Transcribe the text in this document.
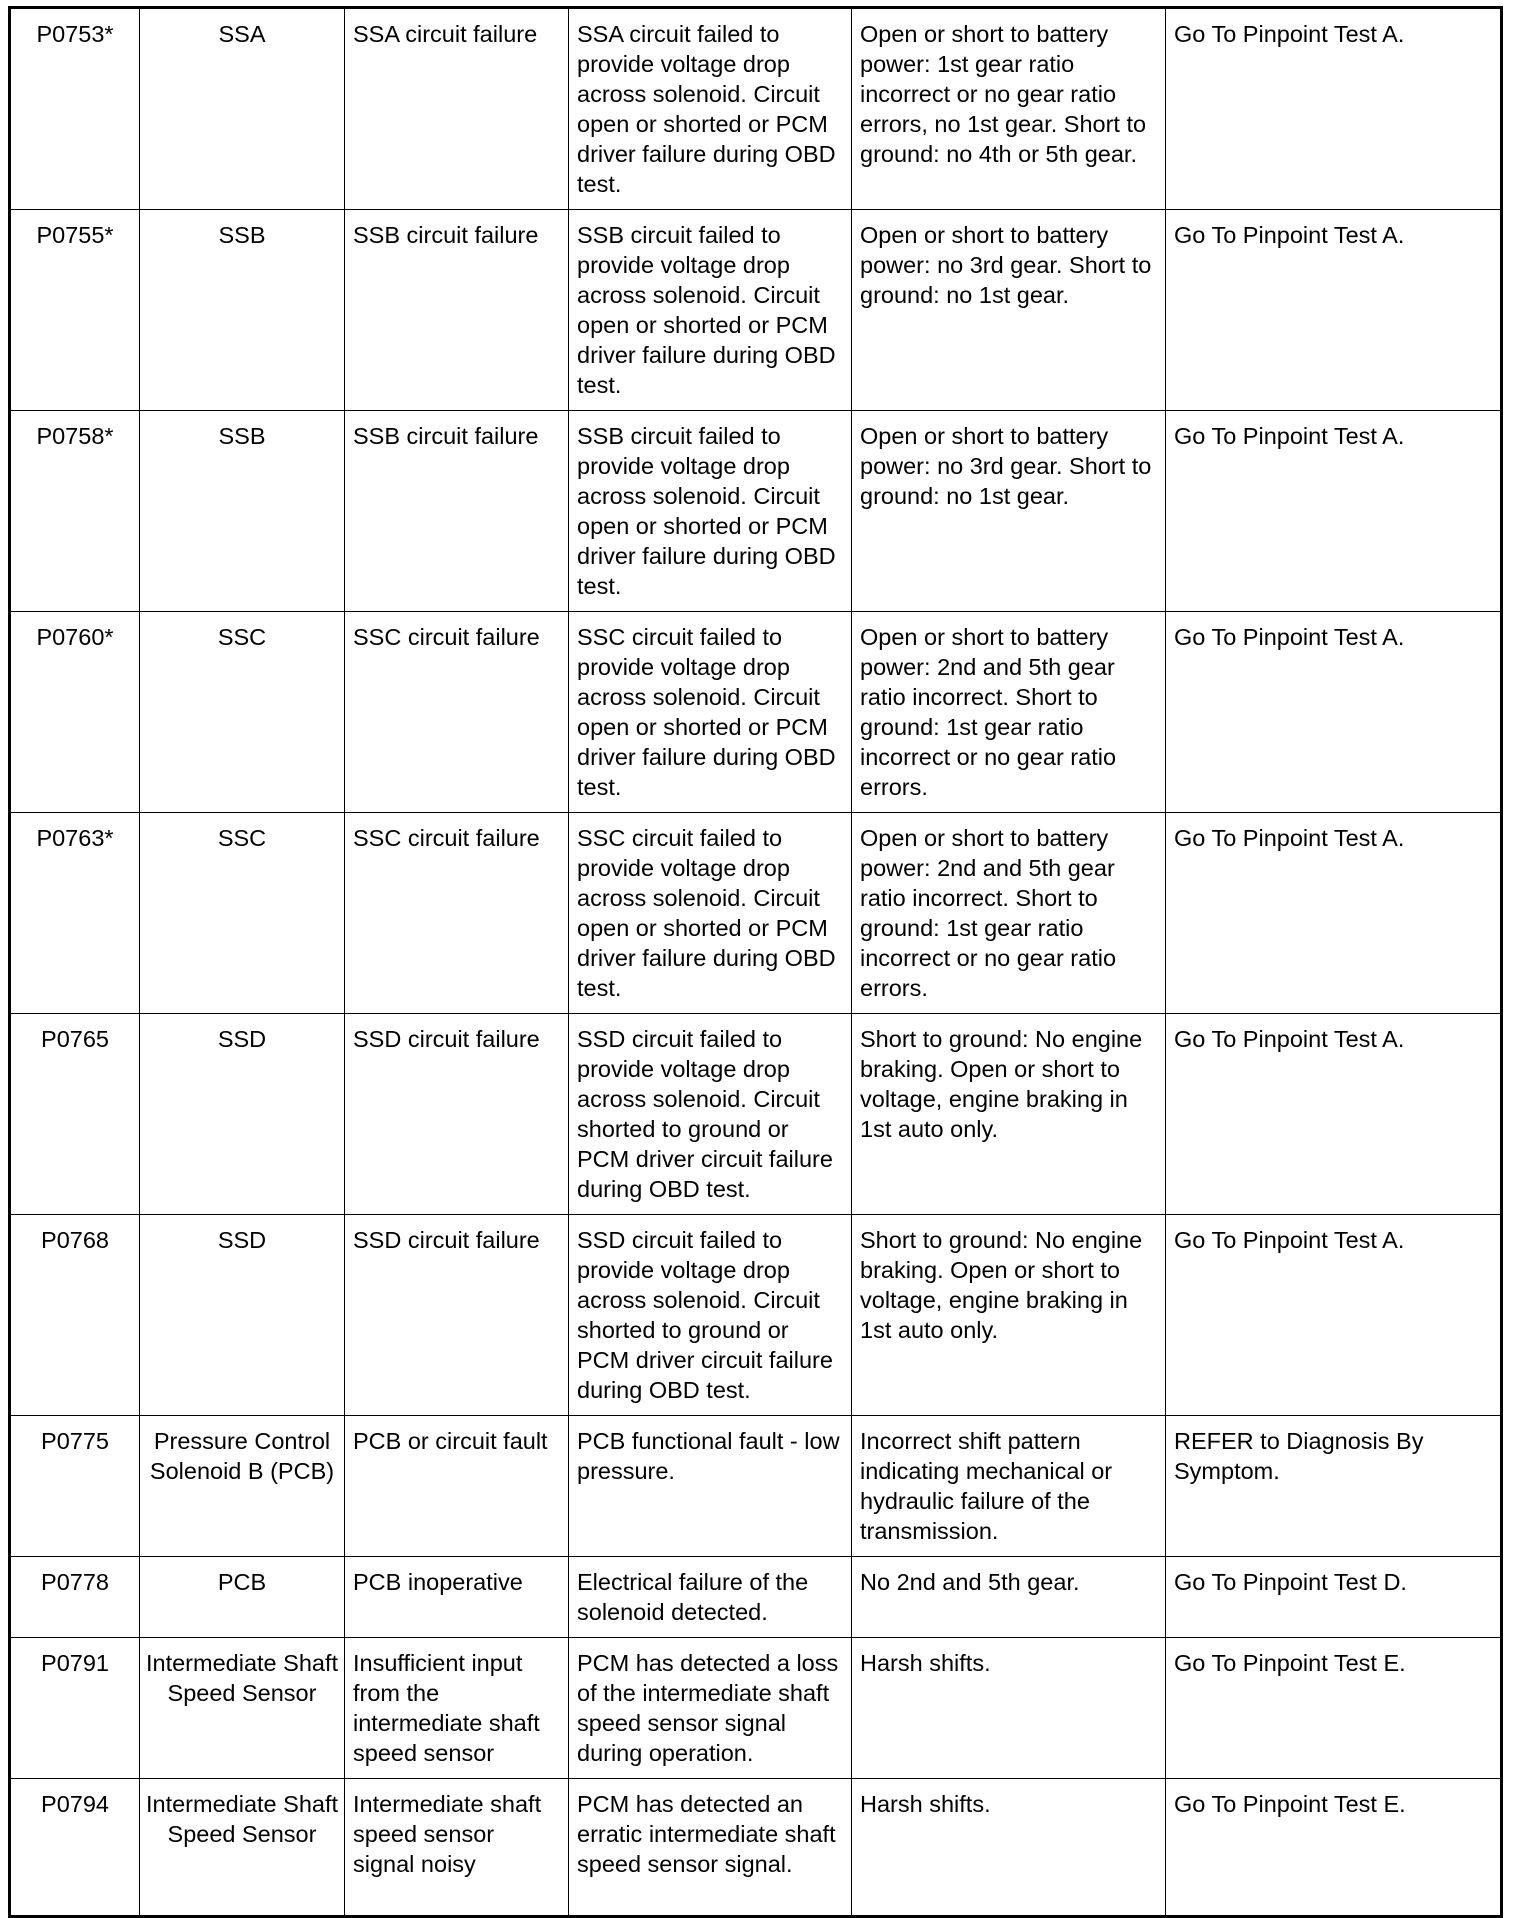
P0753*	SSA	SSA circuit failure	SSA circuit failed to provide voltage drop across solenoid. Circuit open or shorted or PCM driver failure during OBD test.	Open or short to battery power: 1st gear ratio incorrect or no gear ratio errors, no 1st gear. Short to ground: no 4th or 5th gear.	Go To Pinpoint Test A.
P0755*	SSB	SSB circuit failure	SSB circuit failed to provide voltage drop across solenoid. Circuit open or shorted or PCM driver failure during OBD test.	Open or short to battery power: no 3rd gear. Short to ground: no 1st gear.	Go To Pinpoint Test A.
P0758*	SSB	SSB circuit failure	SSB circuit failed to provide voltage drop across solenoid. Circuit open or shorted or PCM driver failure during OBD test.	Open or short to battery power: no 3rd gear. Short to ground: no 1st gear.	Go To Pinpoint Test A.
P0760*	SSC	SSC circuit failure	SSC circuit failed to provide voltage drop across solenoid. Circuit open or shorted or PCM driver failure during OBD test.	Open or short to battery power: 2nd and 5th gear ratio incorrect. Short to ground: 1st gear ratio incorrect or no gear ratio errors.	Go To Pinpoint Test A.
P0763*	SSC	SSC circuit failure	SSC circuit failed to provide voltage drop across solenoid. Circuit open or shorted or PCM driver failure during OBD test.	Open or short to battery power: 2nd and 5th gear ratio incorrect. Short to ground: 1st gear ratio incorrect or no gear ratio errors.	Go To Pinpoint Test A.
P0765	SSD	SSD circuit failure	SSD circuit failed to provide voltage drop across solenoid. Circuit shorted to ground or PCM driver circuit failure during OBD test.	Short to ground: No engine braking. Open or short to voltage, engine braking in 1st auto only.	Go To Pinpoint Test A.
P0768	SSD	SSD circuit failure	SSD circuit failed to provide voltage drop across solenoid. Circuit shorted to ground or PCM driver circuit failure during OBD test.	Short to ground: No engine braking. Open or short to voltage, engine braking in 1st auto only.	Go To Pinpoint Test A.
P0775	Pressure Control Solenoid B (PCB)	PCB or circuit fault	PCB functional fault - low pressure.	Incorrect shift pattern indicating mechanical or hydraulic failure of the transmission.	REFER to Diagnosis By Symptom.
P0778	PCB	PCB inoperative	Electrical failure of the solenoid detected.	No 2nd and 5th gear.	Go To Pinpoint Test D.
P0791	Intermediate Shaft Speed Sensor	Insufficient input from the intermediate shaft speed sensor	PCM has detected a loss of the intermediate shaft speed sensor signal during operation.	Harsh shifts.	Go To Pinpoint Test E.
P0794	Intermediate Shaft Speed Sensor	Intermediate shaft speed sensor signal noisy	PCM has detected an erratic intermediate shaft speed sensor signal.	Harsh shifts.	Go To Pinpoint Test E.
